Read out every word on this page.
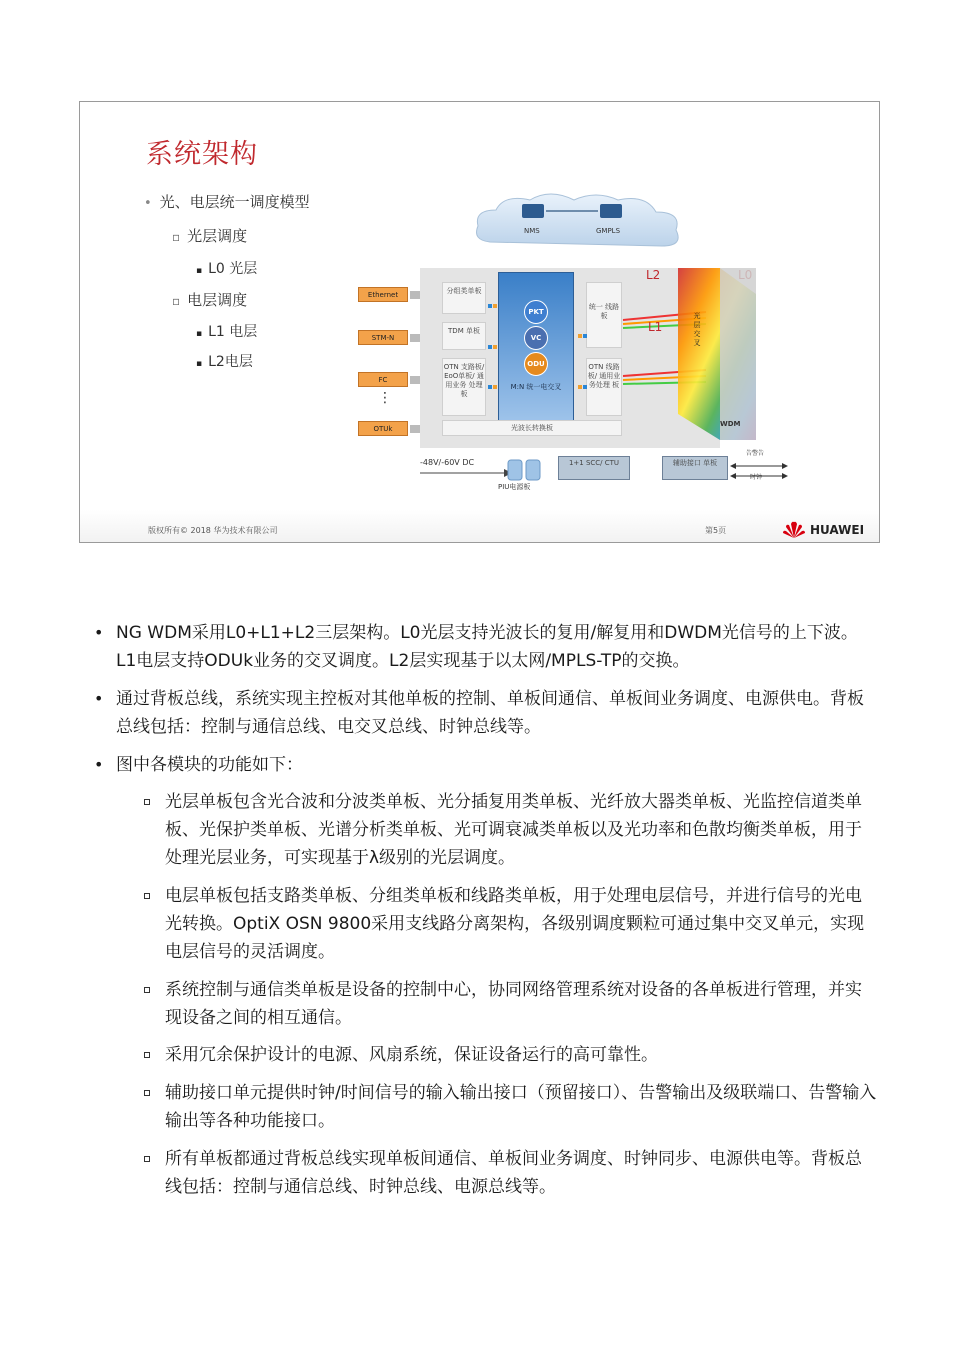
系统架构
• 光、电层统一调度模型
▫ 光层调度
▪ L0 光层
▫ 电层调度
▪ L1 电层
▪ L2电层
NMS	GMPLS
Ethernet
STM-N
FC
⋮
OTUk
分组类单板
TDM 单板
OTN 支路板/ EoO单板/ 通用业务 处理板
PKT
VC
ODU
M:N 统一电交叉
统一 线路板
OTN 线路板/ 通用业 务处理 板
光波长转换板
L2
L1
光 层 交 叉
WDM
-48V/-60V DC
PIU电源板
1+1 SCC/ CTU	辅助接口 单板
告警告
时钟
版权所有© 2018 华为技术有限公司	第5页	HUAWEI
• NG WDM采用L0+L1+L2三层架构。L0光层支持光波长的复用/解复用和DWDM光信号的上下波。L1电层支持ODUk业务的交叉调度。L2层实现基于以太网/MPLS-TP的交换。
• 通过背板总线，系统实现主控板对其他单板的控制、单板间通信、单板间业务调度、电源供电。背板总线包括：控制与通信总线、电交叉总线、时钟总线等。
• 图中各模块的功能如下：
光层单板包含光合波和分波类单板、光分插复用类单板、光纤放大器类单板、光监控信道类单板、光保护类单板、光谱分析类单板、光可调衰减类单板以及光功率和色散均衡类单板，用于处理光层业务，可实现基于λ级别的光层调度。
电层单板包括支路类单板、分组类单板和线路类单板，用于处理电层信号，并进行信号的光电光转换。OptiX OSN 9800采用支线路分离架构，各级别调度颗粒可通过集中交叉单元，实现电层信号的灵活调度。
系统控制与通信类单板是设备的控制中心，协同网络管理系统对设备的各单板进行管理，并实现设备之间的相互通信。
采用冗余保护设计的电源、风扇系统，保证设备运行的高可靠性。
辅助接口单元提供时钟/时间信号的输入输出接口（预留接口）、告警输出及级联端口、告警输入输出等各种功能接口。
所有单板都通过背板总线实现单板间通信、单板间业务调度、时钟同步、电源供电等。背板总线包括：控制与通信总线、时钟总线、电源总线等。
